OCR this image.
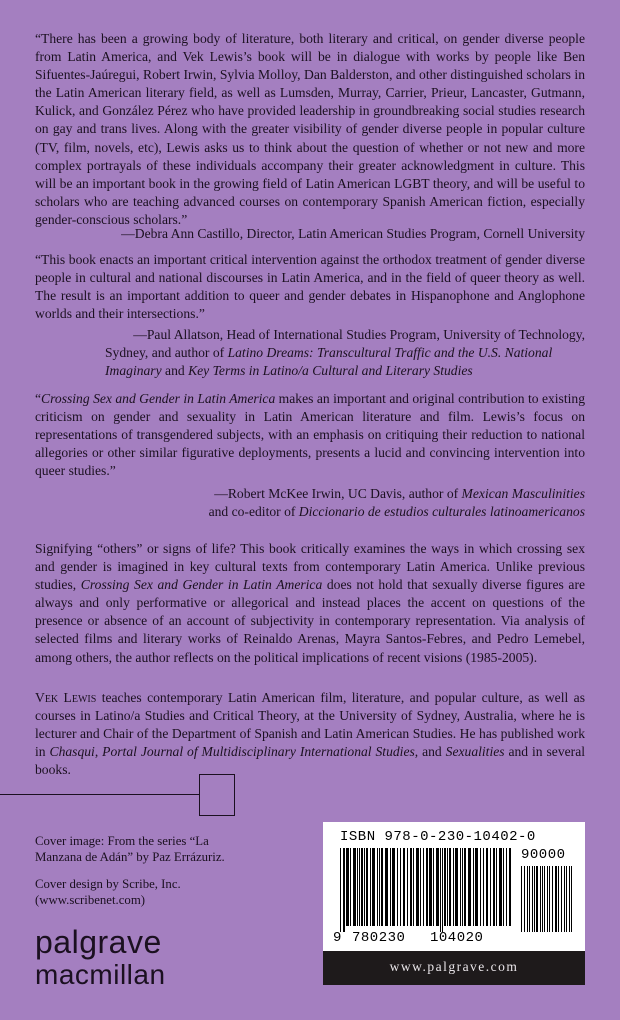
“There has been a growing body of literature, both literary and critical, on gender diverse people from Latin America, and Vek Lewis’s book will be in dialogue with works by people like Ben Sifuentes-Jaúregui, Robert Irwin, Sylvia Molloy, Dan Balderston, and other distinguished scholars in the Latin American literary field, as well as Lumsden, Murray, Carrier, Prieur, Lancaster, Gutmann, Kulick, and González Pérez who have provided leadership in groundbreaking social studies research on gay and trans lives. Along with the greater visibility of gender diverse people in popular culture (TV, film, novels, etc), Lewis asks us to think about the question of whether or not new and more complex portrayals of these individuals accompany their greater acknowledgment in culture. This will be an important book in the growing field of Latin American LGBT theory, and will be useful to scholars who are teaching advanced courses on contemporary Spanish American fiction, especially gender-conscious scholars.”

—Debra Ann Castillo, Director, Latin American Studies Program, Cornell University

“This book enacts an important critical intervention against the orthodox treatment of gender diverse people in cultural and national discourses in Latin America, and in the field of queer theory as well. The result is an important addition to queer and gender debates in Hispanophone and Anglophone worlds and their intersections.”

—Paul Allatson, Head of International Studies Program, University of Technology,

Sydney, and author of Latino Dreams: Transcultural Traffic and the U.S. National Imaginary and Key Terms in Latino/a Cultural and Literary Studies

“Crossing Sex and Gender in Latin America makes an important and original contribution to existing criticism on gender and sexuality in Latin American literature and film. Lewis’s focus on representations of transgendered subjects, with an emphasis on critiquing their reduction to national allegories or other similar figurative deployments, presents a lucid and convincing intervention into queer studies.”

—Robert McKee Irwin, UC Davis, author of Mexican Masculinities

and co-editor of Diccionario de estudios culturales latinoamericanos

Signifying “others” or signs of life? This book critically examines the ways in which crossing sex and gender is imagined in key cultural texts from contemporary Latin America. Unlike previous studies, Crossing Sex and Gender in Latin America does not hold that sexually diverse figures are always and only performative or allegorical and instead places the accent on questions of the presence or absence of an account of subjectivity in contemporary representation. Via analysis of selected films and literary works of Reinaldo Arenas, Mayra Santos-Febres, and Pedro Lemebel, among others, the author reflects on the political implications of recent visions (1985-2005).

Vek Lewis teaches contemporary Latin American film, literature, and popular culture, as well as courses in Latino/a Studies and Critical Theory, at the University of Sydney, Australia, where he is lecturer and Chair of the Department of Spanish and Latin American Studies. He has published work in Chasqui, Portal Journal of Multidisciplinary International Studies, and Sexualities and in several books.

Cover image: From the series “La
Manzana de Adán” by Paz Errázuriz.

Cover design by Scribe, Inc.
(www.scribenet.com)

palgrave
macmillan
ISBN 978-0-230-10402-0
90000
9 780230 104020
www.palgrave.com
